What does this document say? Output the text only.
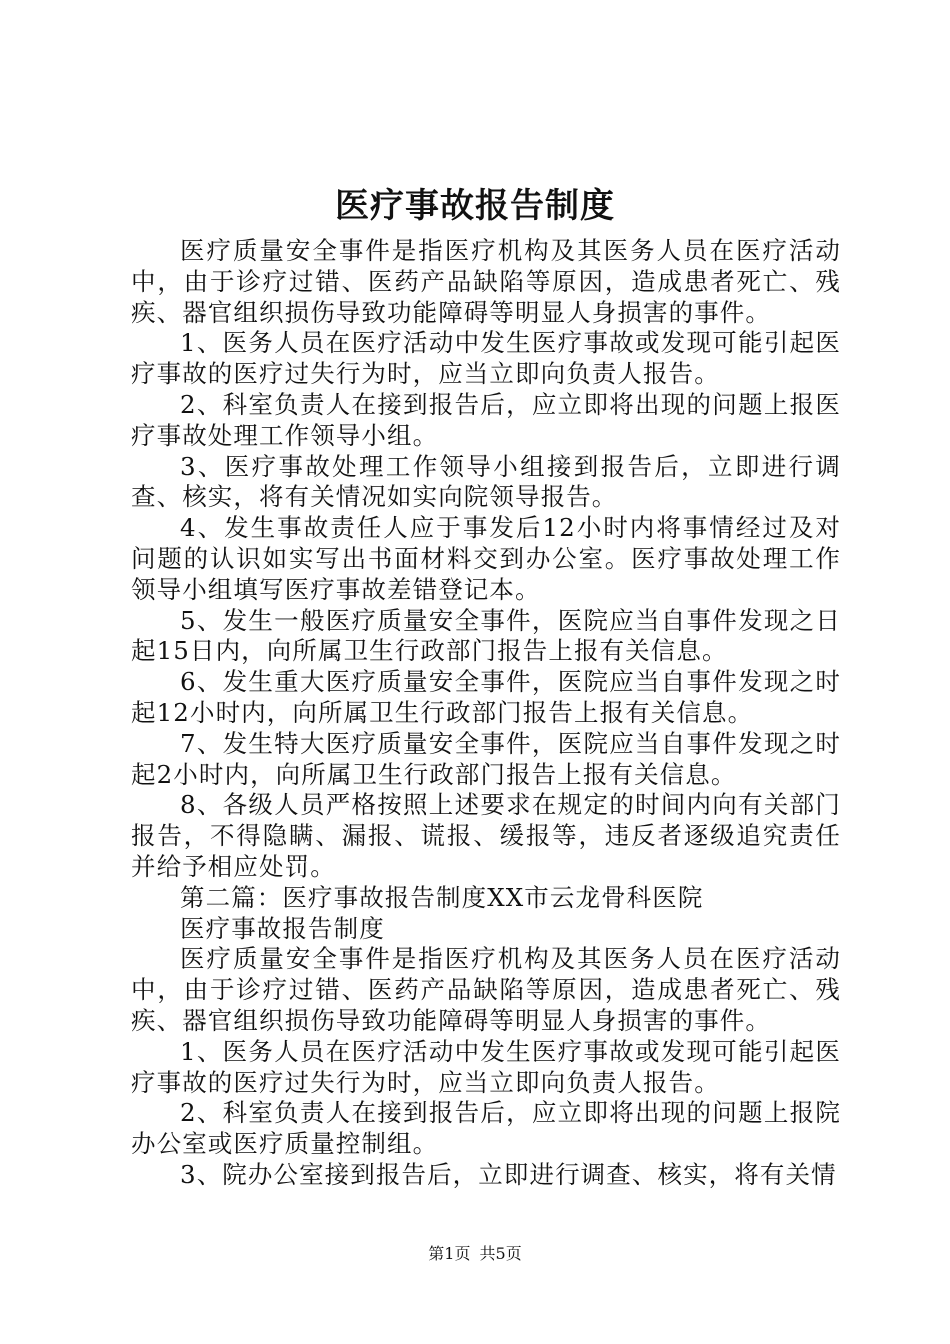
医疗事故报告制度

医疗质量安全事件是指医疗机构及其医务人员在医疗活动中，由于诊疗过错、医药产品缺陷等原因，造成患者死亡、残疾、器官组织损伤导致功能障碍等明显人身损害的事件。

1、医务人员在医疗活动中发生医疗事故或发现可能引起医疗事故的医疗过失行为时，应当立即向负责人报告。

2、科室负责人在接到报告后，应立即将出现的问题上报医疗事故处理工作领导小组。

3、医疗事故处理工作领导小组接到报告后，立即进行调查、核实，将有关情况如实向院领导报告。

4、发生事故责任人应于事发后12小时内将事情经过及对问题的认识如实写出书面材料交到办公室。医疗事故处理工作领导小组填写医疗事故差错登记本。

5、发生一般医疗质量安全事件，医院应当自事件发现之日起15日内，向所属卫生行政部门报告上报有关信息。

6、发生重大医疗质量安全事件，医院应当自事件发现之时起12小时内，向所属卫生行政部门报告上报有关信息。

7、发生特大医疗质量安全事件，医院应当自事件发现之时起2小时内，向所属卫生行政部门报告上报有关信息。

8、各级人员严格按照上述要求在规定的时间内向有关部门报告，不得隐瞒、漏报、谎报、缓报等，违反者逐级追究责任并给予相应处罚。

第二篇：医疗事故报告制度XX市云龙骨科医院

医疗事故报告制度

医疗质量安全事件是指医疗机构及其医务人员在医疗活动中，由于诊疗过错、医药产品缺陷等原因，造成患者死亡、残疾、器官组织损伤导致功能障碍等明显人身损害的事件。

1、医务人员在医疗活动中发生医疗事故或发现可能引起医疗事故的医疗过失行为时，应当立即向负责人报告。

2、科室负责人在接到报告后，应立即将出现的问题上报院办公室或医疗质量控制组。

3、院办公室接到报告后，立即进行调查、核实，将有关情

第1页 共5页
